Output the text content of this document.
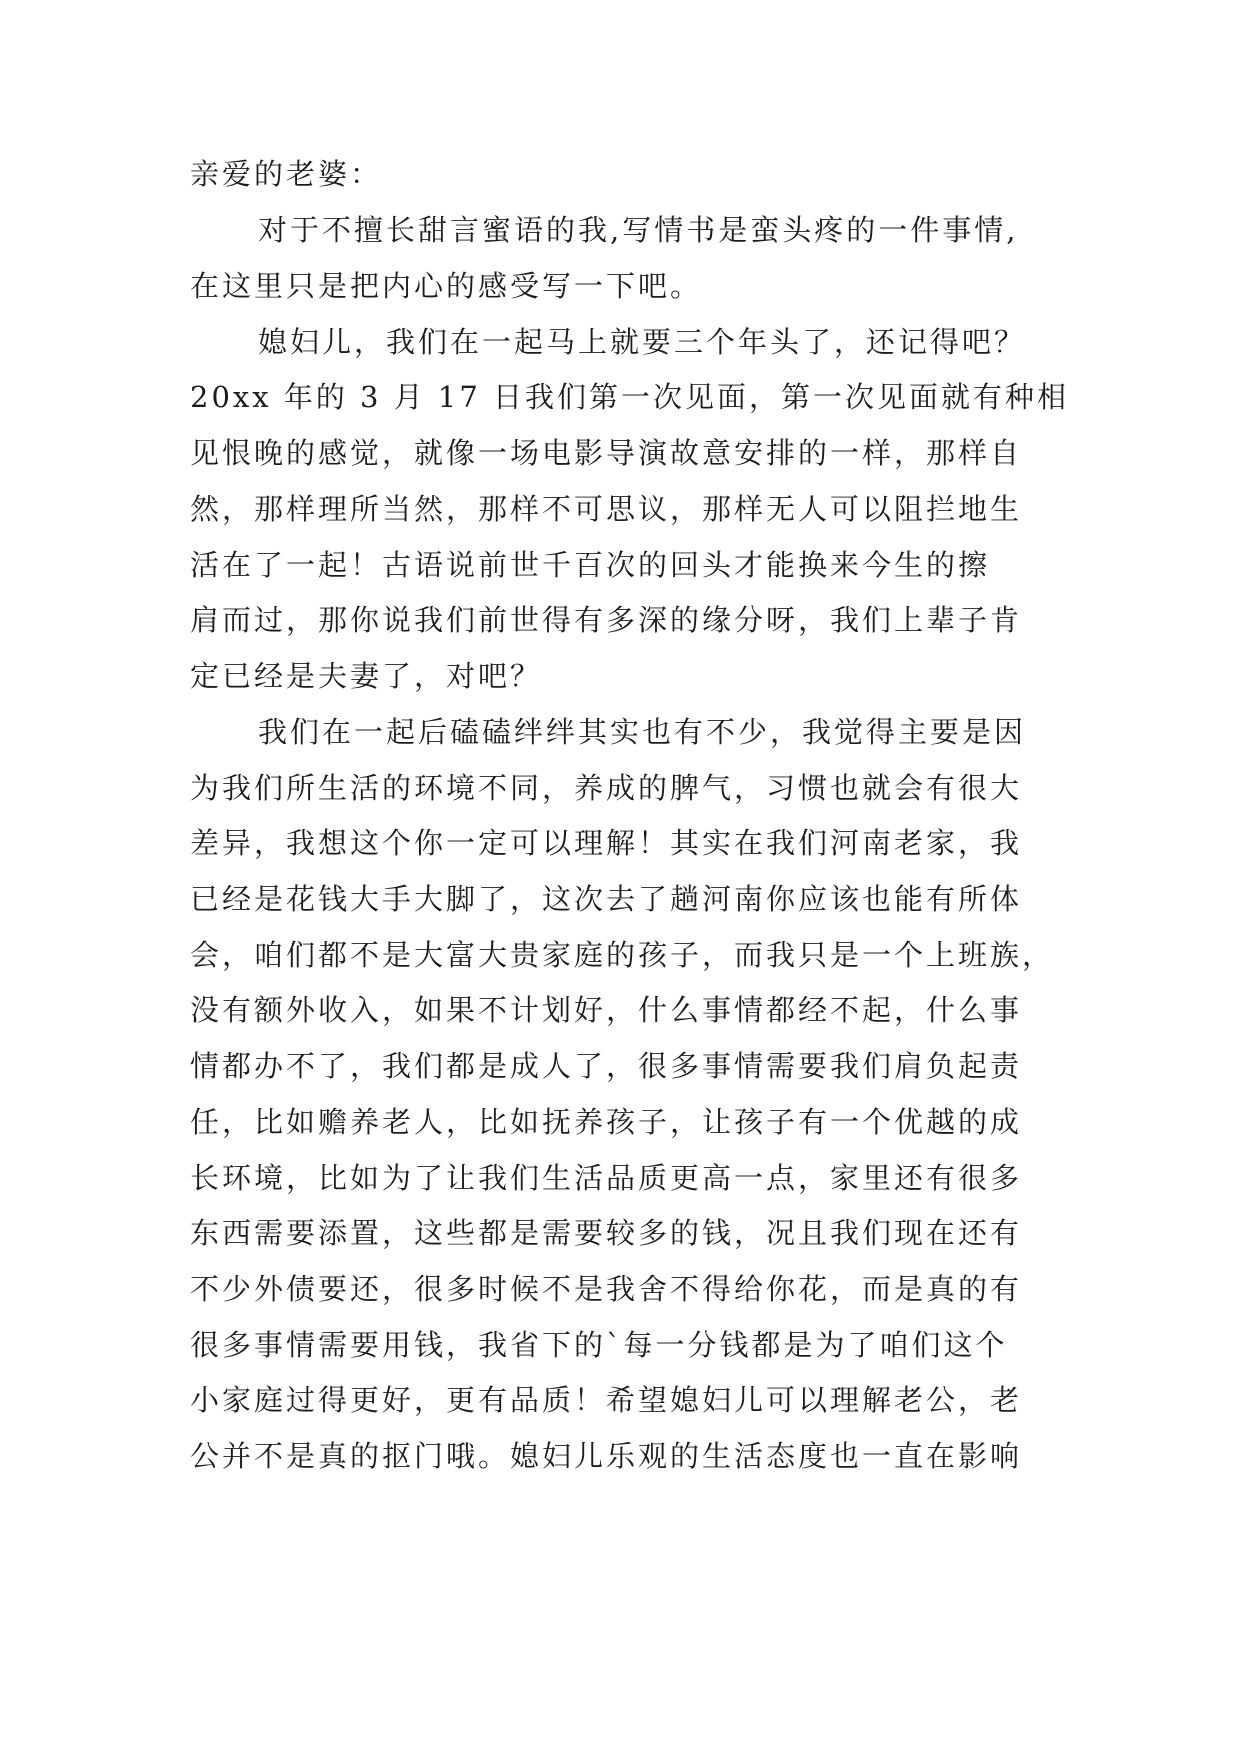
亲爱的老婆：

对于不擅长甜言蜜语的我,写情书是蛮头疼的一件事情,

在这里只是把内心的感受写一下吧。

媳妇儿，我们在一起马上就要三个年头了，还记得吧？

20xx 年的 3 月 17 日我们第一次见面，第一次见面就有种相

见恨晚的感觉，就像一场电影导演故意安排的一样，那样自

然，那样理所当然，那样不可思议，那样无人可以阻拦地生

活在了一起！古语说前世千百次的回头才能换来今生的擦

肩而过，那你说我们前世得有多深的缘分呀，我们上辈子肯

定已经是夫妻了，对吧？

我们在一起后磕磕绊绊其实也有不少，我觉得主要是因

为我们所生活的环境不同，养成的脾气，习惯也就会有很大

差异，我想这个你一定可以理解！其实在我们河南老家，我

已经是花钱大手大脚了，这次去了趟河南你应该也能有所体

会，咱们都不是大富大贵家庭的孩子，而我只是一个上班族，

没有额外收入，如果不计划好，什么事情都经不起，什么事

情都办不了，我们都是成人了，很多事情需要我们肩负起责

任，比如赡养老人，比如抚养孩子，让孩子有一个优越的成

长环境，比如为了让我们生活品质更高一点，家里还有很多

东西需要添置，这些都是需要较多的钱，况且我们现在还有

不少外债要还，很多时候不是我舍不得给你花，而是真的有

很多事情需要用钱，我省下的`每一分钱都是为了咱们这个

小家庭过得更好，更有品质！希望媳妇儿可以理解老公，老

公并不是真的抠门哦。媳妇儿乐观的生活态度也一直在影响
